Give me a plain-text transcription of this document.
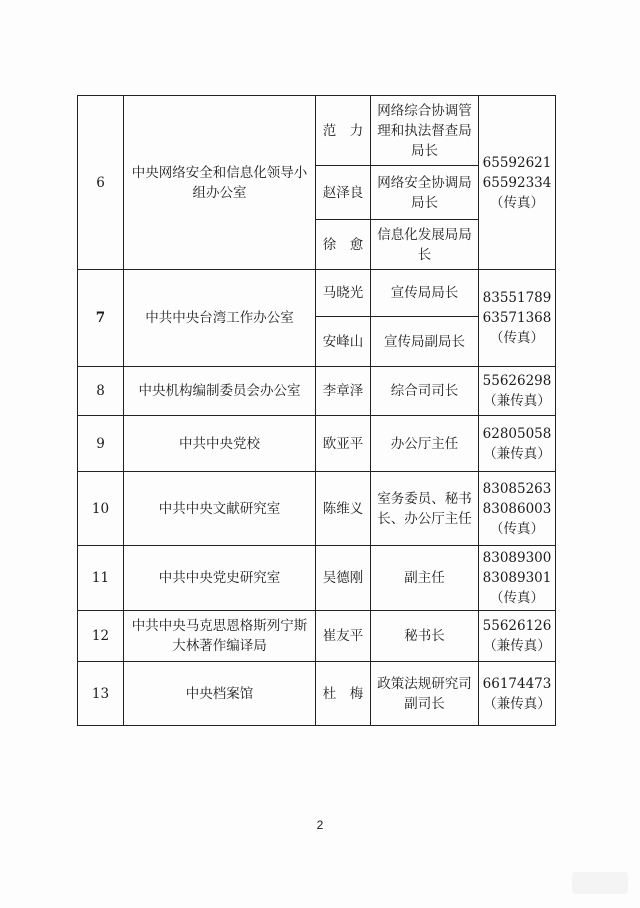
6	中央网络安全和信息化领导小组办公室	范　力	网络综合协调管理和执法督查局局长	65592621
65592334
（传真）

		赵泽良	网络安全协调局局长	
		徐　愈	信息化发展局局长	
7	中共中央台湾工作办公室	马晓光	宣传局局长	83551789
63571368
（传真）

		安峰山	宣传局副局长	
8	中央机构编制委员会办公室	李章泽	综合司司长	55626298
（兼传真）

9	中共中央党校	欧亚平	办公厅主任	62805058
（兼传真）

10	中共中央文献研究室	陈维义	室务委员、秘书长、办公厅主任	83085263
83086003
（传真）

11	中共中央党史研究室	吴德刚	副主任	83089300
83089301
（传真）

12	中共中央马克思恩格斯列宁斯大林著作编译局	崔友平	秘书长	55626126
（兼传真）

13	中央档案馆	杜　梅	政策法规研究司副司长	66174473
（兼传真）
2
